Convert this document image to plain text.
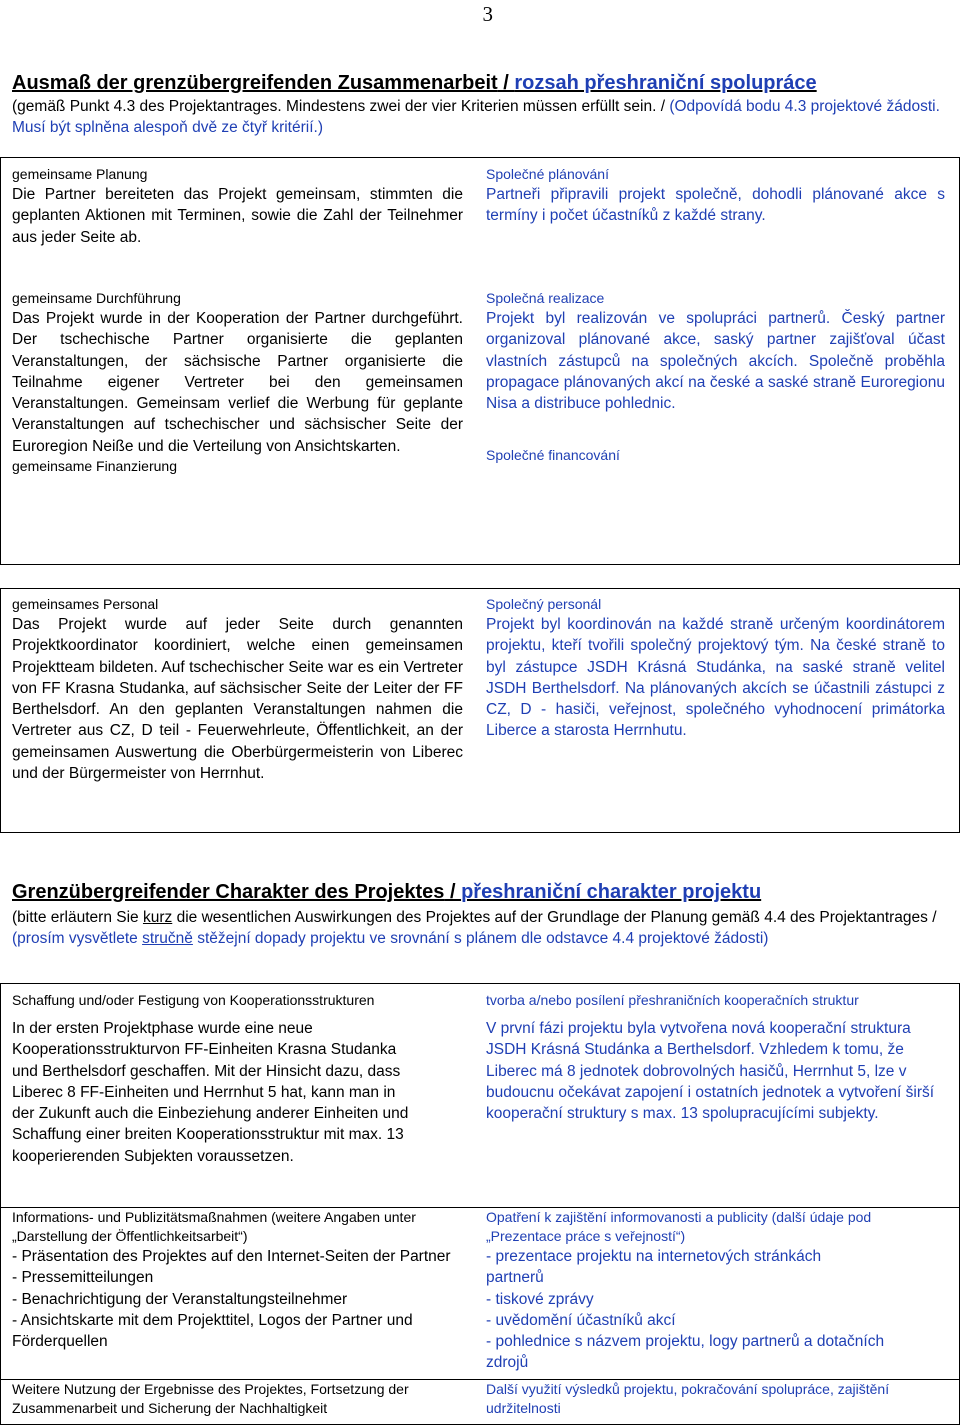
3
Ausmaß der grenzübergreifenden Zusammenarbeit / rozsah přeshraniční spolupráce
(gemäß Punkt 4.3 des Projektantrages. Mindestens zwei der vier Kriterien müssen erfüllt sein. / (Odpovídá bodu 4.3 projektové žádosti. Musí být splněna alespoň dvě ze čtyř kritérií.)
gemeinsame Planung
Die Partner bereiteten das Projekt gemeinsam, stimmten die geplanten Aktionen mit Terminen, sowie die Zahl der Teilnehmer aus jeder Seite ab.
gemeinsame Durchführung
Das Projekt wurde in der Kooperation der Partner durchgeführt. Der tschechische Partner organisierte die geplanten Veranstaltungen, der sächsische Partner organisierte die Teilnahme eigener Vertreter bei den gemeinsamen Veranstaltungen. Gemeinsam verlief die Werbung für geplante Veranstaltungen auf tschechischer und sächsischer Seite der Euroregion Neiße und die Verteilung von Ansichtskarten.
gemeinsame Finanzierung
Společné plánování
Partneři připravili projekt společně, dohodli plánované akce s termíny i počet účastníků z každé strany.
Společná realizace
Projekt byl realizován ve spolupráci partnerů. Český partner organizoval plánované akce, saský partner zajišťoval účast vlastních zástupců na společných akcích. Společně proběhla propagace plánovaných akcí na české a saské straně Euroregionu Nisa a distribuce pohlednic.
Společné financování
gemeinsames Personal
Das Projekt wurde auf jeder Seite durch genannten Projektkoordinator koordiniert, welche einen gemeinsamen Projektteam bildeten. Auf tschechischer Seite war es ein Vertreter von FF Krasna Studanka, auf sächsischer Seite der Leiter der FF Berthelsdorf. An den geplanten Veranstaltungen nahmen die Vertreter aus CZ, D teil - Feuerwehrleute, Öffentlichkeit, an der gemeinsamen Auswertung die Oberbürgermeisterin von Liberec und der Bürgermeister von Herrnhut.
Společný personál
Projekt byl koordinován na každé straně určeným koordinátorem projektu, kteří tvořili společný projektový tým. Na české straně to byl zástupce JSDH Krásná Studánka, na saské straně velitel JSDH Berthelsdorf. Na plánovaných akcích se účastnili zástupci z CZ, D - hasiči, veřejnost, společného vyhodnocení primátorka Liberce a starosta Herrnhutu.
Grenzübergreifender Charakter des Projektes / přeshraniční charakter projektu
(bitte erläutern Sie kurz die wesentlichen Auswirkungen des Projektes auf der Grundlage der Planung gemäß 4.4 des Projektantrages / (prosím vysvětlete stručně stěžejní dopady projektu ve srovnání s plánem dle odstavce 4.4 projektové žádosti)
Schaffung und/oder Festigung von Kooperationsstrukturen
In der ersten Projektphase wurde eine neue Kooperationsstrukturvon FF-Einheiten Krasna Studanka und Berthelsdorf geschaffen. Mit der Hinsicht dazu, dass Liberec 8 FF-Einheiten und Herrnhut 5 hat, kann man in der Zukunft auch die Einbeziehung anderer Einheiten und Schaffung einer breiten Kooperationsstruktur mit max. 13 kooperierenden Subjekten voraussetzen.
tvorba a/nebo posílení přeshraničních kooperačních struktur
V první fázi projektu byla vytvořena nová kooperační struktura JSDH Krásná Studánka a Berthelsdorf. Vzhledem k tomu, že Liberec má 8 jednotek dobrovolných hasičů, Herrnhut 5, lze v budoucnu očekávat zapojení i ostatních jednotek a vytvoření širší kooperační struktury s max. 13 spolupracujícími subjekty.
Informations- und Publizitätsmaßnahmen (weitere Angaben unter „Darstellung der Öffentlichkeitsarbeit“)
- Präsentation des Projektes auf den Internet-Seiten der Partner
- Pressemitteilungen
- Benachrichtigung der Veranstaltungsteilnehmer
- Ansichtskarte mit dem Projekttitel, Logos der Partner und Förderquellen
Opatření k zajištění informovanosti a publicity (další údaje pod „Prezentace práce s veřejností“)
- prezentace projektu na internetových stránkách partnerů
- tiskové zprávy
- uvědomění účastníků akcí
- pohlednice s názvem projektu, logy partnerů a dotačních zdrojů
Weitere Nutzung der Ergebnisse des Projektes, Fortsetzung der Zusammenarbeit und Sicherung der Nachhaltigkeit
Další využití výsledků projektu, pokračování spolupráce, zajištění udržitelnosti
